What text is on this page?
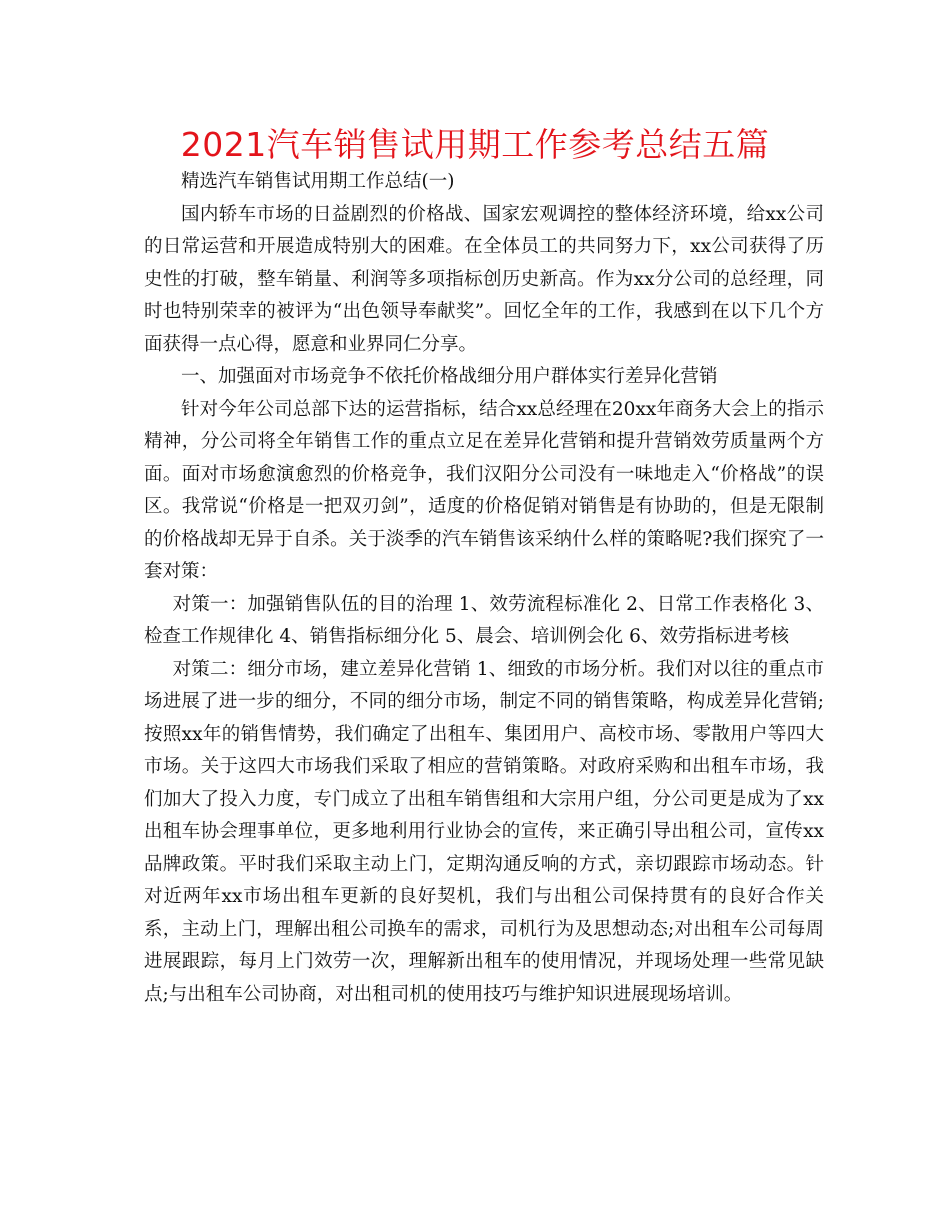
2021汽车销售试用期工作参考总结五篇

精选汽车销售试用期工作总结(一)

国内轿车市场的日益剧烈的价格战、国家宏观调控的整体经济环境，给xx公司的日常运营和开展造成特别大的困难。在全体员工的共同努力下，xx公司获得了历史性的打破，整车销量、利润等多项指标创历史新高。作为xx分公司的总经理，同时也特别荣幸的被评为“出色领导奉献奖”。回忆全年的工作，我感到在以下几个方面获得一点心得，愿意和业界同仁分享。

一、加强面对市场竞争不依托价格战细分用户群体实行差异化营销

针对今年公司总部下达的运营指标，结合xx总经理在20xx年商务大会上的指示精神，分公司将全年销售工作的重点立足在差异化营销和提升营销效劳质量两个方面。面对市场愈演愈烈的价格竞争，我们汉阳分公司没有一味地走入“价格战”的误区。我常说“价格是一把双刃剑”，适度的价格促销对销售是有协助的，但是无限制的价格战却无异于自杀。关于淡季的汽车销售该采纳什么样的策略呢?我们探究了一套对策：

对策一：加强销售队伍的目的治理 1、效劳流程标准化 2、日常工作表格化 3、检查工作规律化 4、销售指标细分化 5、晨会、培训例会化 6、效劳指标进考核

对策二：细分市场，建立差异化营销 1、细致的市场分析。我们对以往的重点市场进展了进一步的细分，不同的细分市场，制定不同的销售策略，构成差异化营销;按照xx年的销售情势，我们确定了出租车、集团用户、高校市场、零散用户等四大市场。关于这四大市场我们采取了相应的营销策略。对政府采购和出租车市场，我们加大了投入力度，专门成立了出租车销售组和大宗用户组，分公司更是成为了xx出租车协会理事单位，更多地利用行业协会的宣传，来正确引导出租公司，宣传xx品牌政策。平时我们采取主动上门，定期沟通反响的方式，亲切跟踪市场动态。针对近两年xx市场出租车更新的良好契机，我们与出租公司保持贯有的良好合作关系，主动上门，理解出租公司换车的需求，司机行为及思想动态;对出租车公司每周进展跟踪，每月上门效劳一次，理解新出租车的使用情况，并现场处理一些常见缺点;与出租车公司协商，对出租司机的使用技巧与维护知识进展现场培训。
